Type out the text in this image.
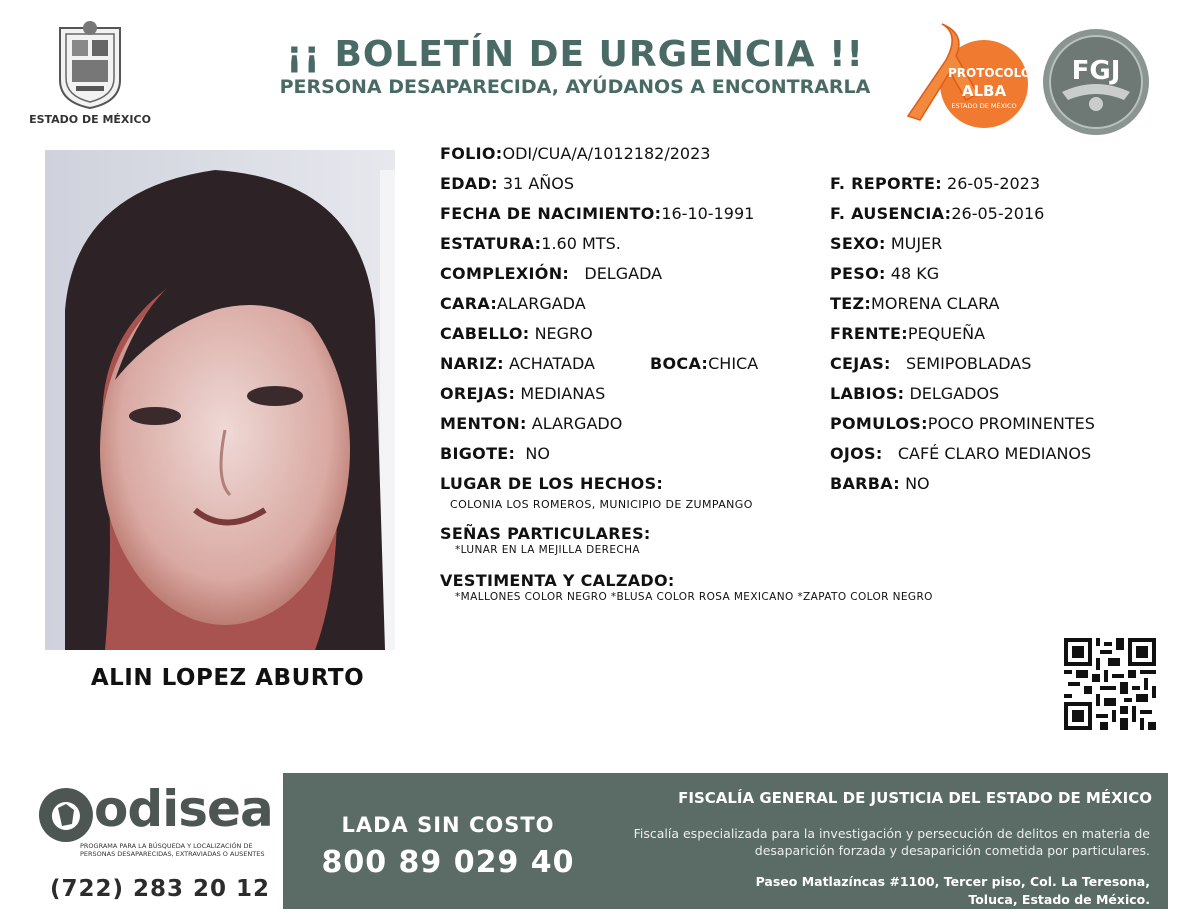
ESTADO DE MÉXICO
¡¡ BOLETÍN DE URGENCIA !!
PERSONA DESAPARECIDA, AYÚDANOS A ENCONTRARLA
PROTOCOLO
ALBA
ESTADO DE MÉXICO
FGJ
ALIN LOPEZ ABURTO
FOLIO:ODI/CUA/A/1012182/2023
EDAD: 31 AÑOS
FECHA DE NACIMIENTO:16-10-1991
ESTATURA:1.60 MTS.
COMPLEXIÓN: DELGADA
CARA:ALARGADA
CABELLO: NEGRO
NARIZ: ACHATADA	BOCA:CHICA
OREJAS: MEDIANAS
MENTON: ALARGADO
BIGOTE: NO
F. REPORTE: 26-05-2023
F. AUSENCIA:26-05-2016
SEXO: MUJER
PESO: 48 KG
TEZ:MORENA CLARA
FRENTE:PEQUEÑA
CEJAS: SEMIPOBLADAS
LABIOS: DELGADOS
POMULOS:POCO PROMINENTES
OJOS: CAFÉ CLARO MEDIANOS
BARBA: NO
LUGAR DE LOS HECHOS:
COLONIA LOS ROMEROS, MUNICIPIO DE ZUMPANGO
SEÑAS PARTICULARES:
*LUNAR EN LA MEJILLA DERECHA
VESTIMENTA Y CALZADO:
*MALLONES COLOR NEGRO *BLUSA COLOR ROSA MEXICANO *ZAPATO COLOR NEGRO
odisea
PROGRAMA PARA LA BÚSQUEDA Y LOCALIZACIÓN DE PERSONAS DESAPARECIDAS, EXTRAVIADAS O AUSENTES
(722) 283 20 12
LADA SIN COSTO
800 89 029 40
FISCALÍA GENERAL DE JUSTICIA DEL ESTADO DE MÉXICO
Fiscalía especializada para la investigación y persecución de delitos en materia de desaparición forzada y desaparición cometida por particulares.
Paseo Matlazíncas #1100, Tercer piso, Col. La Teresona,
Toluca, Estado de México.
